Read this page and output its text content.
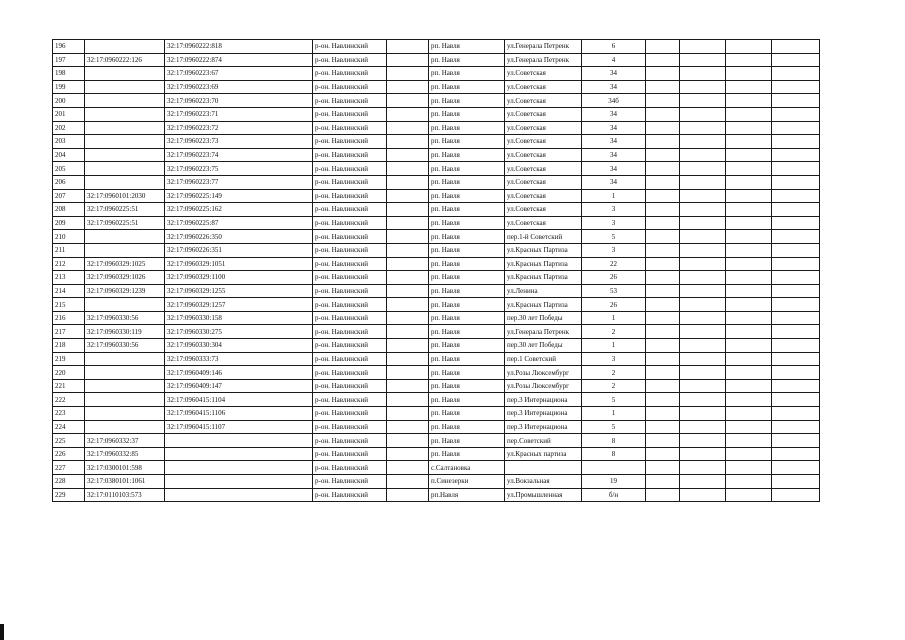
196		32:17:0960222:818	р-он. Навлинский		рп. Навля	ул.Генерала Петренк	6				
197	32:17:0960222:126	32:17:0960222:874	р-он. Навлинский		рп. Навля	ул.Генерала Петренк	4				
198		32:17:0960223:67	р-он. Навлинский		рп. Навля	ул.Советская	34				
199		32:17:0960223:69	р-он. Навлинский		рп. Навля	ул.Советская	34				
200		32:17:0960223:70	р-он. Навлинский		рп. Навля	ул.Советская	34б				
201		32:17:0960223:71	р-он. Навлинский		рп. Навля	ул.Советская	34				
202		32:17:0960223:72	р-он. Навлинский		рп. Навля	ул.Советская	34				
203		32:17:0960223:73	р-он. Навлинский		рп. Навля	ул.Советская	34				
204		32:17:0960223:74	р-он. Навлинский		рп. Навля	ул.Советская	34				
205		32:17:0960223:75	р-он. Навлинский		рп. Навля	ул.Советская	34				
206		32:17:0960223:77	р-он. Навлинский		рп. Навля	ул.Советская	34				
207	32:17:0960101:2030	32:17:0960225:149	р-он. Навлинский		рп. Навля	ул.Советская	1				
208	32:17:0960225:51	32:17:0960225:162	р-он. Навлинский		рп. Навля	ул.Советская	3				
209	32:17:0960225:51	32:17:0960225:87	р-он. Навлинский		рп. Навля	ул.Советская	3				
210		32:17:0960226:350	р-он. Навлинский		рп. Навля	пер.1-й Советский	5				
211		32:17:0960226:351	р-он. Навлинский		рп. Навля	ул.Красных Партиза	3				
212	32:17:0960329:1025	32:17:0960329:1051	р-он. Навлинский		рп. Навля	ул.Красных Партиза	22				
213	32:17:0960329:1026	32:17:0960329:1100	р-он. Навлинский		рп. Навля	ул.Красных Партиза	26				
214	32:17:0960329:1239	32:17:0960329:1255	р-он. Навлинский		рп. Навля	ул.Ленина	53				
215		32:17:0960329:1257	р-он. Навлинский		рп. Навля	ул.Красных Партиза	26				
216	32:17:0960330:56	32:17:0960330:158	р-он. Навлинский		рп. Навля	пер.30 лет Победы	1				
217	32:17:0960330:119	32:17:0960330:275	р-он. Навлинский		рп. Навля	ул.Генерала Петренк	2				
218	32:17:0960330:56	32:17:0960330:304	р-он. Навлинский		рп. Навля	пер.30 лет Победы	1				
219		32:17:0960333:73	р-он. Навлинский		рп. Навля	пер.1 Советский	3				
220		32:17:0960409:146	р-он. Навлинский		рп. Навля	ул.Розы Люксембург	2				
221		32:17:0960409:147	р-он. Навлинский		рп. Навля	ул.Розы Люксембург	2				
222		32:17:0960415:1104	р-он. Навлинский		рп. Навля	пер.3 Интернациона	5				
223		32:17:0960415:1106	р-он. Навлинский		рп. Навля	пер.3 Интернациона	1				
224		32:17:0960415:1107	р-он. Навлинский		рп. Навля	пер.3 Интернациона	5				
225	32:17:0960332:37		р-он. Навлинский		рп. Навля	пер.Советский	8				
226	32:17:0960332:85		р-он. Навлинский		рп. Навля	ул.Красных партиза	8				
227	32:17:0300101:598		р-он. Навлинский		с.Салтановка						
228	32:17:0380101:1061		р-он. Навлинский		п.Синезерки	ул.Вокзальная	19				
229	32:17:0110103:573		р-он. Навлинский		рп.Навля	ул.Промышленная	б/н				
